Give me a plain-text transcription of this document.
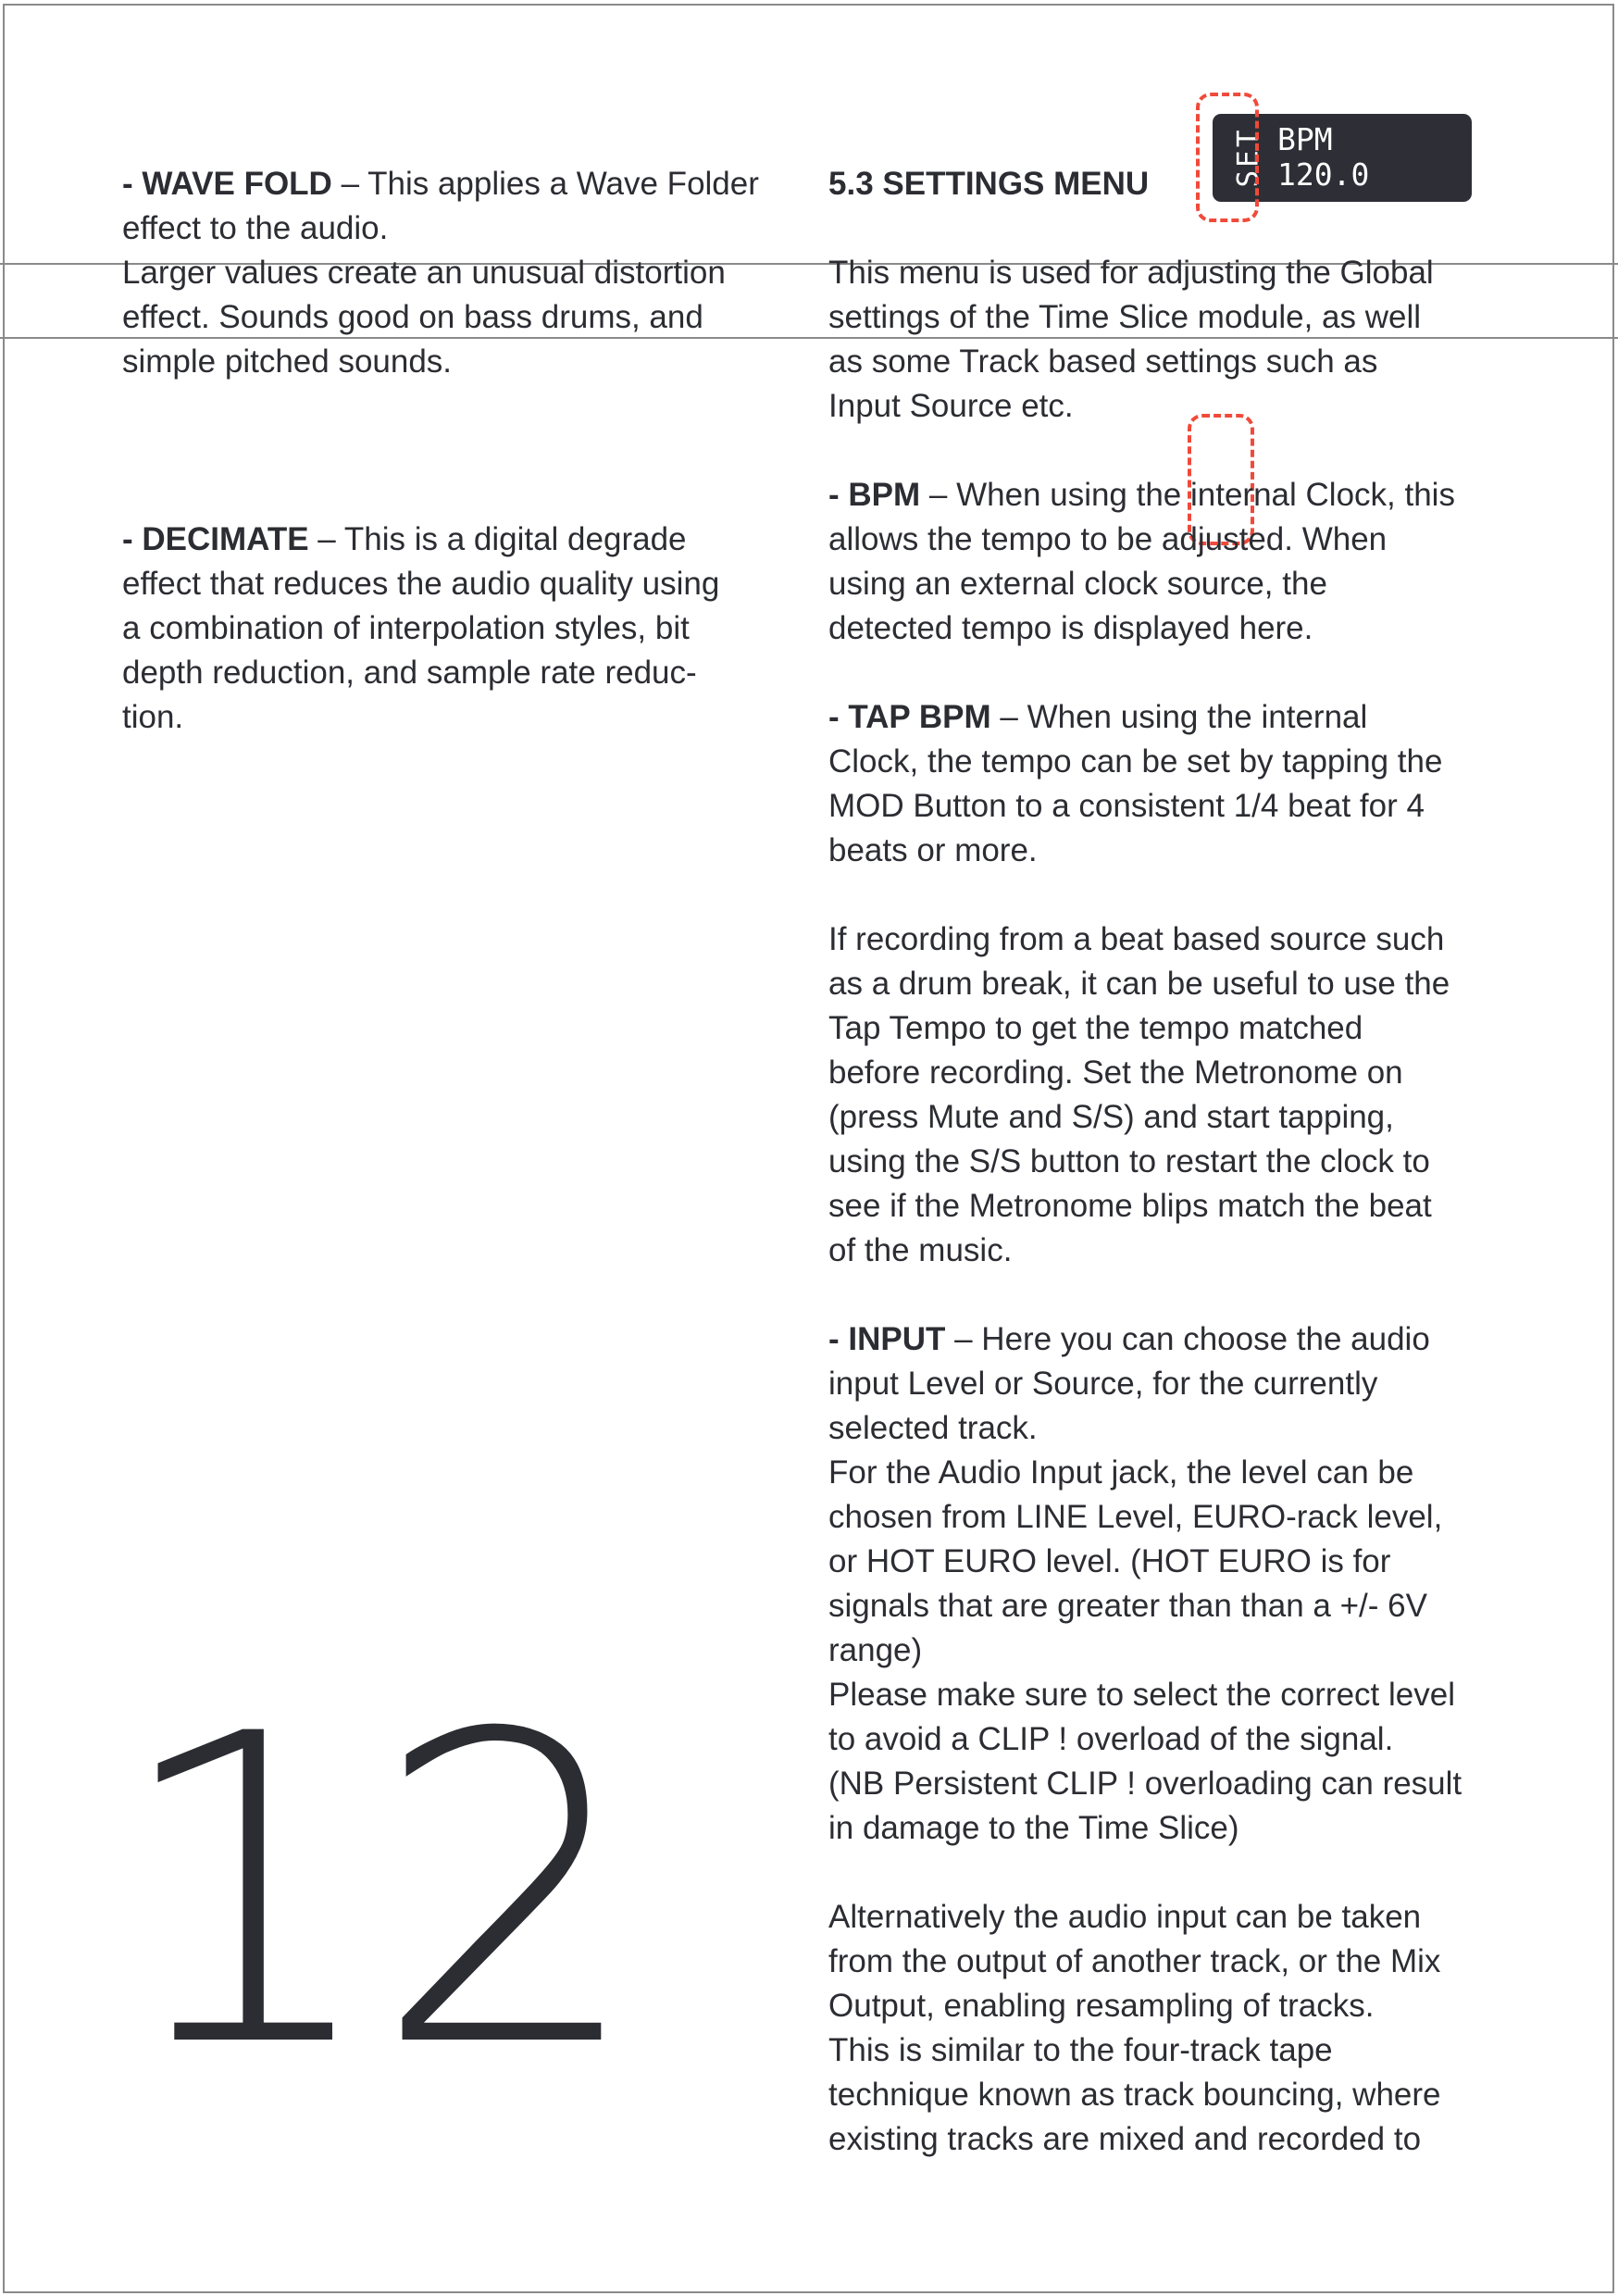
- WAVE FOLD – This applies a Wave Folder

effect to the audio.

Larger values create an unusual distortion

effect. Sounds good on bass drums, and

simple pitched sounds.

- DECIMATE – This is a digital degrade

effect that reduces the audio quality using

a combination of interpolation styles, bit

depth reduction, and sample rate reduc-

tion.

5.3 SETTINGS MENU	SET BPM
120.0

This menu is used for adjusting the Global

settings of the Time Slice module, as well

as some Track based settings such as

Input Source etc.

- BPM – When using the internal Clock, this

allows the tempo to be adjusted. When

using an external clock source, the

detected tempo is displayed here.

- TAP BPM – When using the internal

Clock, the tempo can be set by tapping the

MOD Button to a consistent 1/4 beat for 4

beats or more.

If recording from a beat based source such

as a drum break, it can be useful to use the

Tap Tempo to get the tempo matched

before recording. Set the Metronome on

(press Mute and S/S) and start tapping,

using the S/S button to restart the clock to

see if the Metronome blips match the beat

of the music.

- INPUT – Here you can choose the audio

input Level or Source, for the currently

selected track.

For the Audio Input jack, the level can be

chosen from LINE Level, EURO-rack level,

or HOT EURO level. (HOT EURO is for

signals that are greater than than a +/- 6V

range)

Please make sure to select the correct level

to avoid a CLIP ! overload of the signal.

(NB Persistent CLIP ! overloading can result

in damage to the Time Slice)

Alternatively the audio input can be taken

from the output of another track, or the Mix

Output, enabling resampling of tracks.

This is similar to the four-track tape

technique known as track bouncing, where

existing tracks are mixed and recorded to

12
